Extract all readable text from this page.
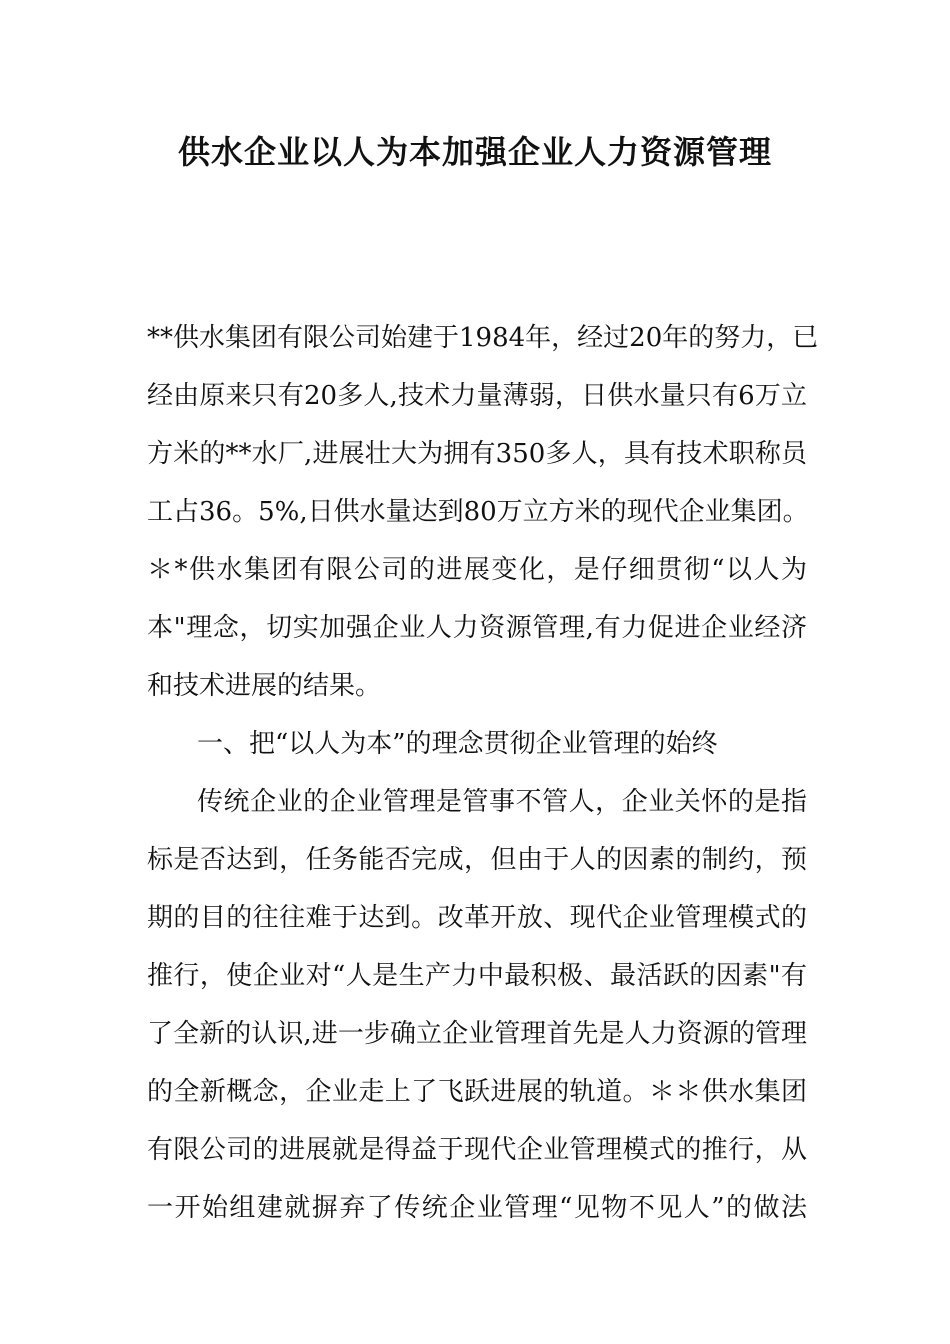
供水企业以人为本加强企业人力资源管理
**供水集团有限公司始建于1984年，经过20年的努力，已
经由原来只有20多人,技术力量薄弱，日供水量只有6万立
方米的**水厂,进展壮大为拥有350多人，具有技术职称员
工占36。5%,日供水量达到80万立方米的现代企业集团。
＊*供水集团有限公司的进展变化，是仔细贯彻“以人为
本"理念，切实加强企业人力资源管理,有力促进企业经济
和技术进展的结果。
一、把“以人为本”的理念贯彻企业管理的始终
传统企业的企业管理是管事不管人，企业关怀的是指
标是否达到，任务能否完成，但由于人的因素的制约，预
期的目的往往难于达到。改革开放、现代企业管理模式的
推行，使企业对“人是生产力中最积极、最活跃的因素"有
了全新的认识,进一步确立企业管理首先是人力资源的管理
的全新概念，企业走上了飞跃进展的轨道。＊＊供水集团
有限公司的进展就是得益于现代企业管理模式的推行，从
一开始组建就摒弃了传统企业管理“见物不见人”的做法
